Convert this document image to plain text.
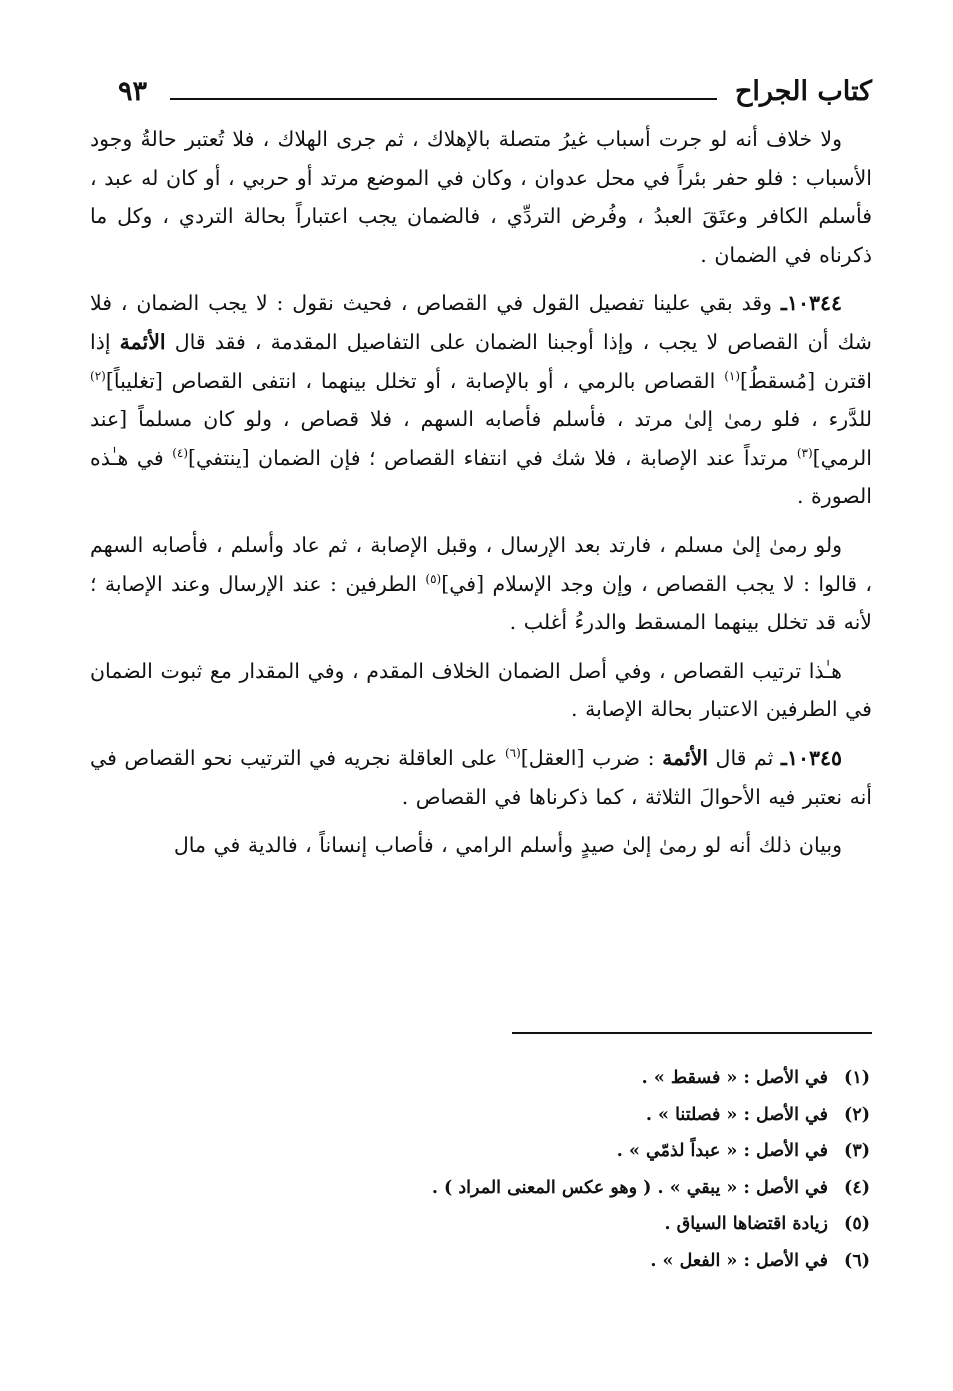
كتاب الجراح
٩٣

ولا خلاف أنه لو جرت أسباب غيرُ متصلة بالإهلاك ، ثم جرى الهلاك ، فلا تُعتبر حالةُ وجود الأسباب : فلو حفر بئراً في محل عدوان ، وكان في الموضع مرتد أو حربي ، أو كان له عبد ، فأسلم الكافر وعتَقَ العبدُ ، وفُرض التردِّي ، فالضمان يجب اعتباراً بحالة التردي ، وكل ما ذكرناه في الضمان .

١٠٣٤٤ـ وقد بقي علينا تفصيل القول في القصاص ، فحيث نقول : لا يجب الضمان ، فلا شك أن القصاص لا يجب ، وإذا أوجبنا الضمان على التفاصيل المقدمة ، فقد قال الأئمة إذا اقترن [مُسقطُ]$^{(١)}$ القصاص بالرمي ، أو بالإصابة ، أو تخلل بينهما ، انتفى القصاص [تغليباً]$^{(٢)}$ للدَّرء ، فلو رمىٰ إلىٰ مرتد ، فأسلم فأصابه السهم ، فلا قصاص ، ولو كان مسلماً [عند الرمي]$^{(٣)}$ مرتداً عند الإصابة ، فلا شك في انتفاء القصاص ؛ فإن الضمان [ينتفي]$^{(٤)}$ في هـٰذه الصورة .

ولو رمىٰ إلىٰ مسلم ، فارتد بعد الإرسال ، وقبل الإصابة ، ثم عاد وأسلم ، فأصابه السهم ، قالوا : لا يجب القصاص ، وإن وجد الإسلام [في]$^{(٥)}$ الطرفين : عند الإرسال وعند الإصابة ؛ لأنه قد تخلل بينهما المسقط والدرءُ أغلب .

هـٰذا ترتيب القصاص ، وفي أصل الضمان الخلاف المقدم ، وفي المقدار مع ثبوت الضمان في الطرفين الاعتبار بحالة الإصابة .

١٠٣٤٥ـ ثم قال الأئمة : ضرب [العقل]$^{(٦)}$ على العاقلة نجريه في الترتيب نحو القصاص في أنه نعتبر فيه الأحوالَ الثلاثة ، كما ذكرناها في القصاص .

وبيان ذلك أنه لو رمىٰ إلىٰ صيدٍ وأسلم الرامي ، فأصاب إنساناً ، فالدية في مال

(١)
في الأصل : « فسقط » .
(٢)
في الأصل : « فصلتنا » .
(٣)
في الأصل : « عبداً لذمّي » .
(٤)
في الأصل : « يبقي » . ( وهو عكس المعنى المراد ) .
(٥)
زيادة اقتضاها السياق .
(٦)
في الأصل : « الفعل » .
